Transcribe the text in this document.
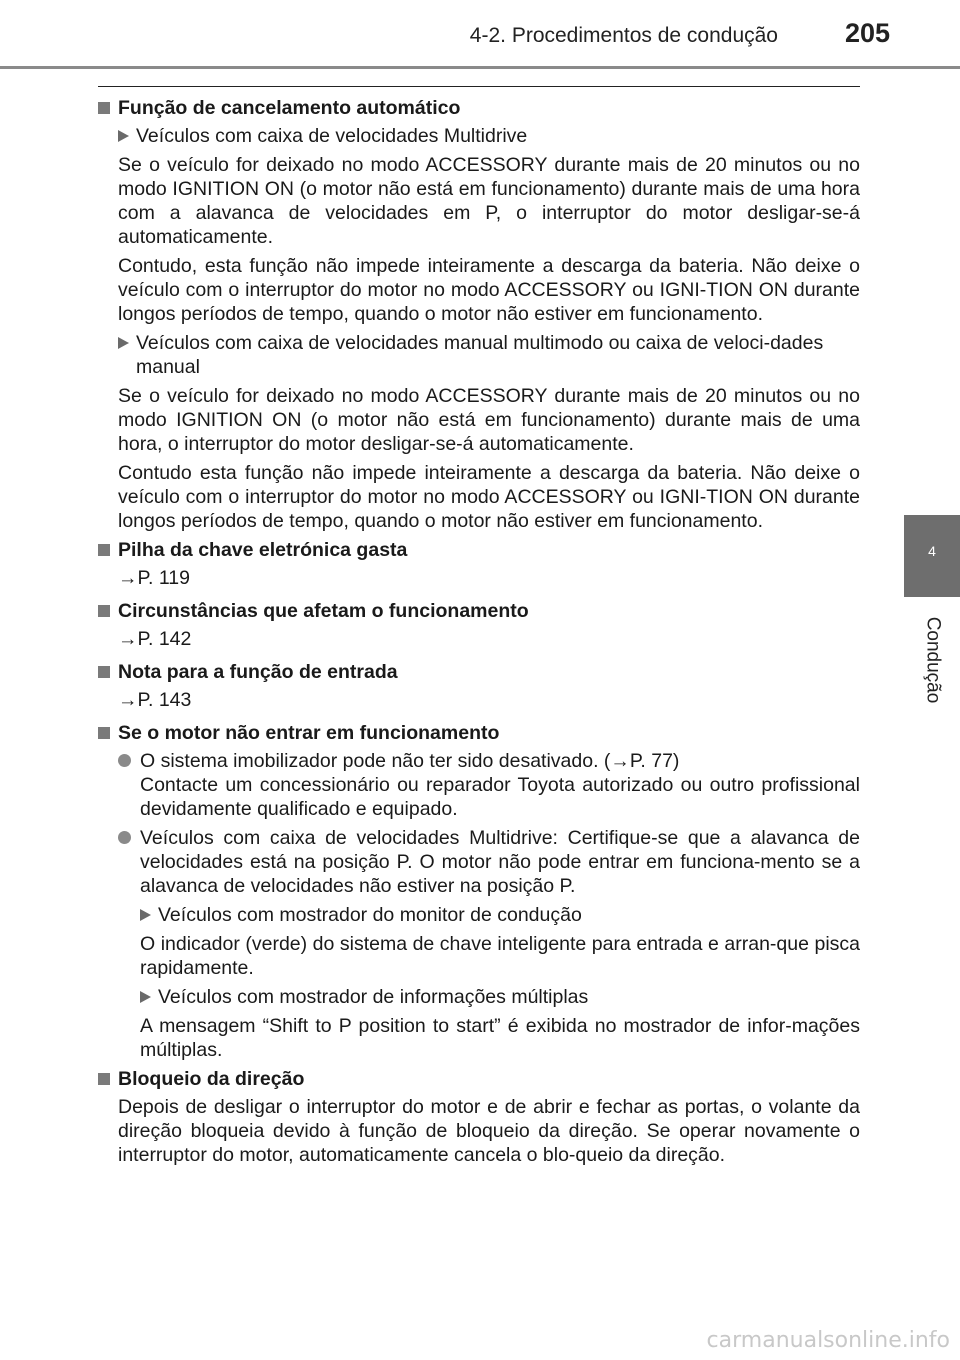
4-2. Procedimentos de condução	205
4
Condução
Função de cancelamento automático
Veículos com caixa de velocidades Multidrive
Se o veículo for deixado no modo ACCESSORY durante mais de 20 minutos ou no modo IGNITION ON (o motor não está em funcionamento) durante mais de uma hora com a alavanca de velocidades em P, o interruptor do motor desligar-se-á automaticamente.
Contudo, esta função não impede inteiramente a descarga da bateria. Não deixe o veículo com o interruptor do motor no modo ACCESSORY ou IGNI-TION ON durante longos períodos de tempo, quando o motor não estiver em funcionamento.
Veículos com caixa de velocidades manual multimodo ou caixa de veloci-dades manual
Se o veículo for deixado no modo ACCESSORY durante mais de 20 minutos ou no modo IGNITION ON (o motor não está em funcionamento) durante mais de uma hora, o interruptor do motor desligar-se-á automaticamente.
Contudo esta função não impede inteiramente a descarga da bateria. Não deixe o veículo com o interruptor do motor no modo ACCESSORY ou IGNI-TION ON durante longos períodos de tempo, quando o motor não estiver em funcionamento.
Pilha da chave eletrónica gasta
→P. 119
Circunstâncias que afetam o funcionamento
→P. 142
Nota para a função de entrada
→P. 143
Se o motor não entrar em funcionamento
O sistema imobilizador pode não ter sido desativado. (→P. 77)
Contacte um concessionário ou reparador Toyota autorizado ou outro profissional devidamente qualificado e equipado.
Veículos com caixa de velocidades Multidrive: Certifique-se que a alavanca de velocidades está na posição P. O motor não pode entrar em funciona-mento se a alavanca de velocidades não estiver na posição P.
Veículos com mostrador do monitor de condução
O indicador (verde) do sistema de chave inteligente para entrada e arran-que pisca rapidamente.
Veículos com mostrador de informações múltiplas
A mensagem “Shift to P position to start” é exibida no mostrador de infor-mações múltiplas.
Bloqueio da direção
Depois de desligar o interruptor do motor e de abrir e fechar as portas, o volante da direção bloqueia devido à função de bloqueio da direção. Se operar novamente o interruptor do motor, automaticamente cancela o blo-queio da direção.
carmanualsonline.info
